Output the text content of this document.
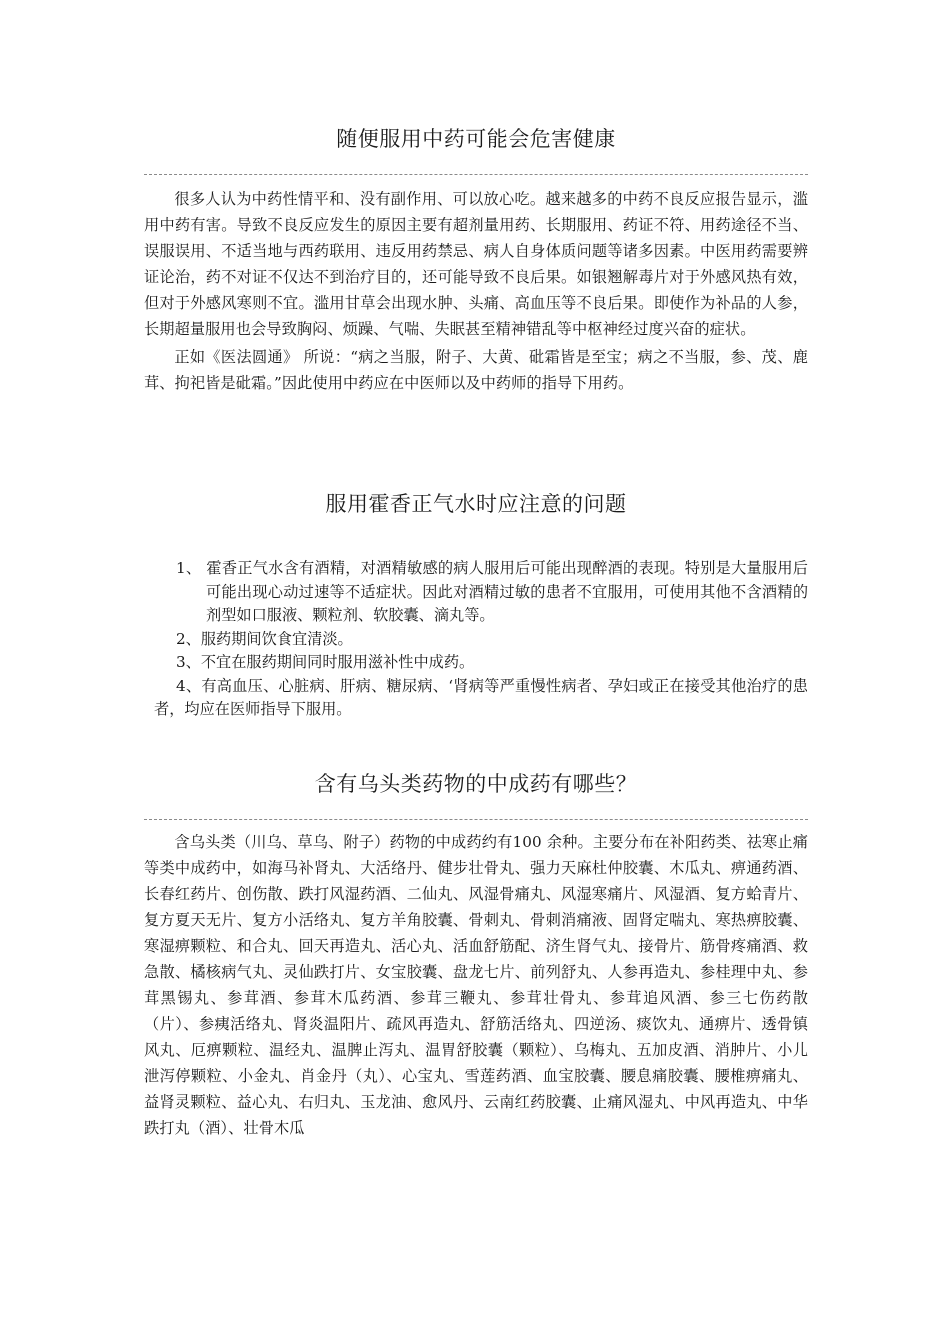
随便服用中药可能会危害健康

很多人认为中药性情平和、没有副作用、可以放心吃。越来越多的中药不良反应报告显示，滥用中药有害。导致不良反应发生的原因主要有超剂量用药、长期服用、药证不符、用药途径不当、误服误用、不适当地与西药联用、违反用药禁忌、病人自身体质问题等诸多因素。中医用药需要辨证论治，药不对证不仅达不到治疗目的，还可能导致不良后果。如银翘解毒片对于外感风热有效，但对于外感风寒则不宜。滥用甘草会出现水肿、头痛、高血压等不良后果。即使作为补品的人参，长期超量服用也会导致胸闷、烦躁、气喘、失眠甚至精神错乱等中枢神经过度兴奋的症状。

正如《医法圆通》 所说：“病之当服，附子、大黄、砒霜皆是至宝；病之不当服，参、茂、鹿茸、拘祀皆是砒霜。”因此使用中药应在中医师以及中药师的指导下用药。

服用霍香正气水时应注意的问题
1、 霍香正气水含有酒精，对酒精敏感的病人服用后可能出现醉酒的表现。特别是大量服用后可能出现心动过速等不适症状。因此对酒精过敏的患者不宜服用，可使用其他不含酒精的剂型如口服液、颗粒剂、软胶囊、滴丸等。
2、服药期间饮食宜清淡。
3、不宜在服药期间同时服用滋补性中成药。
4、有高血压、心脏病、肝病、糖尿病、‘肾病等严重慢性病者、孕妇或正在接受其他治疗的患者，均应在医师指导下服用。
含有乌头类药物的中成药有哪些？

含乌头类（川乌、草乌、附子）药物的中成药约有100 余种。主要分布在补阳药类、祛寒止痛等类中成药中，如海马补肾丸、大活络丹、健步壮骨丸、强力天麻杜仲胶囊、木瓜丸、痹通药酒、长春红药片、创伤散、跌打风湿药酒、二仙丸、风湿骨痛丸、风湿寒痛片、风湿酒、复方蛤青片、复方夏天无片、复方小活络丸、复方羊角胶囊、骨刺丸、骨刺消痛液、固肾定喘丸、寒热痹胶囊、寒湿痹颗粒、和合丸、回天再造丸、活心丸、活血舒筋配、济生肾气丸、接骨片、筋骨疼痛酒、救急散、橘核病气丸、灵仙跌打片、女宝胶囊、盘龙七片、前列舒丸、人参再造丸、参桂理中丸、参茸黑锡丸、参茸酒、参茸木瓜药酒、参茸三鞭丸、参茸壮骨丸、参茸追风酒、参三七伤药散（片）、参痍活络丸、肾炎温阳片、疏风再造丸、舒筋活络丸、四逆汤、痰饮丸、通痹片、透骨镇风丸、厄痹颗粒、温经丸、温脾止泻丸、温胃舒胶囊（颗粒）、乌梅丸、五加皮酒、消肿片、小儿泄泻停颗粒、小金丸、肖金丹（丸）、心宝丸、雪莲药酒、血宝胶囊、腰息痛胶囊、腰椎痹痛丸、益肾灵颗粒、益心丸、右归丸、玉龙油、愈风丹、云南红药胶囊、止痛风湿丸、中风再造丸、中华跌打丸（酒）、壮骨木瓜
